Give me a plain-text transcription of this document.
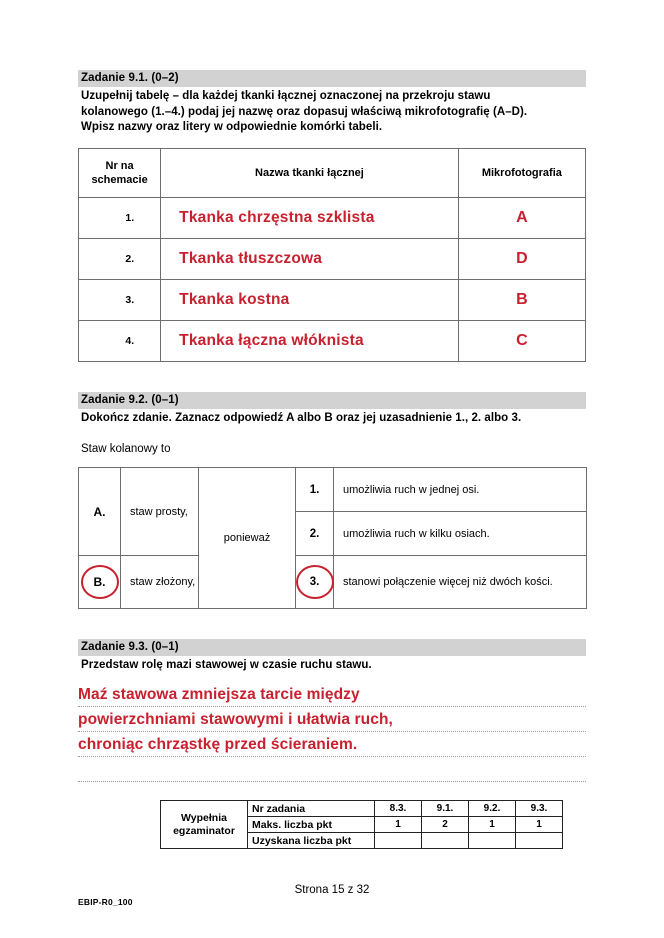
Zadanie 9.1. (0–2)
Uzupełnij tabelę – dla każdej tkanki łącznej oznaczonej na przekroju stawu
kolanowego (1.–4.) podaj jej nazwę oraz dopasuj właściwą mikrofotografię (A–D).
Wpisz nazwy oraz litery w odpowiednie komórki tabeli.
Nr na
schemacie	Nazwa tkanki łącznej	Mikrofotografia
1.	Tkanka chrzęstna szklista	A
2.	Tkanka tłuszczowa	D
3.	Tkanka kostna	B
4.	Tkanka łączna włóknista	C
Zadanie 9.2. (0–1)
Dokończ zdanie. Zaznacz odpowiedź A albo B oraz jej uzasadnienie 1., 2. albo 3.
Staw kolanowy to
A.	staw prosty,	ponieważ	1.	umożliwia ruch w jednej osi.
			2.	umożliwia ruch w kilku osiach.

B.	staw złożony,		3.	stanowi połączenie więcej niż dwóch kości.

Zadanie 9.3. (0–1)
Przedstaw rolę mazi stawowej w czasie ruchu stawu.
Maź stawowa zmniejsza tarcie między
powierzchniami stawowymi i ułatwia ruch,
chroniąc chrząstkę przed ścieraniem.
Wypełnia
egzaminator	Nr zadania	8.3.	9.1.	9.2.	9.3.
	Maks. liczba pkt	1	2	1	1
	Uzyskana liczba pkt				
EBIP-R0_100
Strona 15 z 32
